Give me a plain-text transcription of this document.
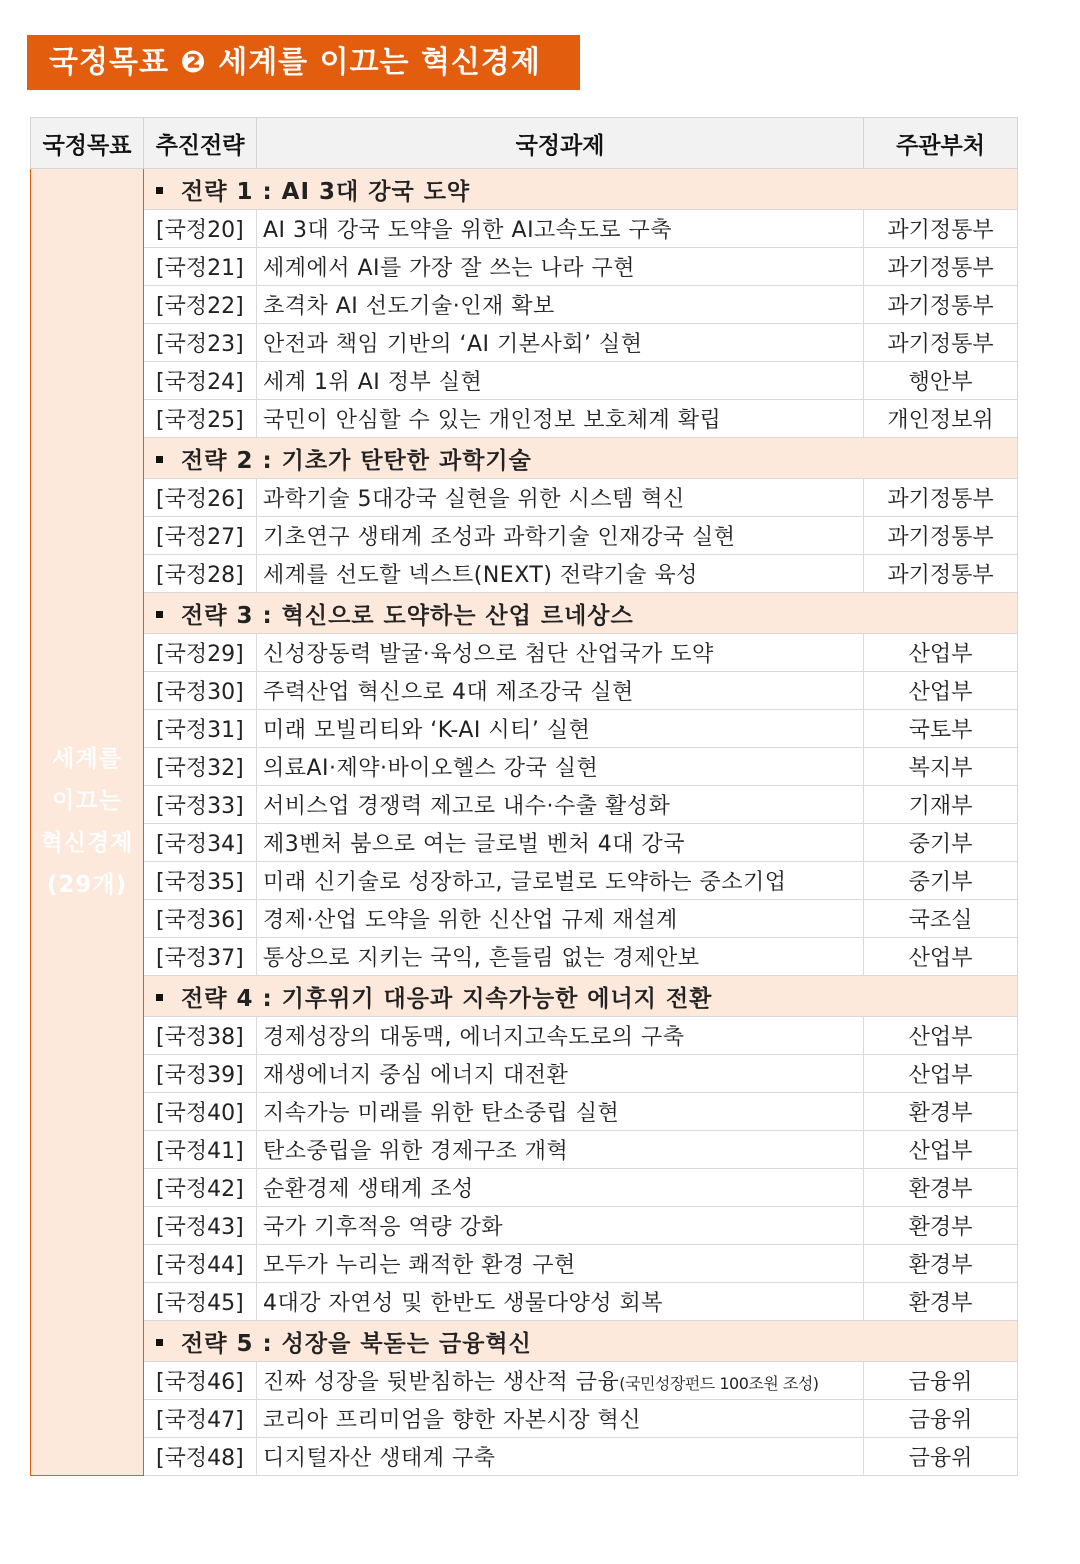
국정목표 ❷ 세계를 이끄는 혁신경제
국정목표	추진전략	국정과제	주관부처

세계를
이끄는
혁신경제
(29개)	전략 1 : AI 3대 강국 도약		
	[국정20]	AI 3대 강국 도약을 위한 AI고속도로 구축	과기정통부
	[국정21]	세계에서 AI를 가장 잘 쓰는 나라 구현	과기정통부
	[국정22]	초격차 AI 선도기술·인재 확보	과기정통부
	[국정23]	안전과 책임 기반의 ‘AI 기본사회’ 실현	과기정통부
	[국정24]	세계 1위 AI 정부 실현	행안부
	[국정25]	국민이 안심할 수 있는 개인정보 보호체계 확립	개인정보위
	전략 2 : 기초가 탄탄한 과학기술		
	[국정26]	과학기술 5대강국 실현을 위한 시스템 혁신	과기정통부
	[국정27]	기초연구 생태계 조성과 과학기술 인재강국 실현	과기정통부
	[국정28]	세계를 선도할 넥스트(NEXT) 전략기술 육성	과기정통부
	전략 3 : 혁신으로 도약하는 산업 르네상스		
	[국정29]	신성장동력 발굴·육성으로 첨단 산업국가 도약	산업부
	[국정30]	주력산업 혁신으로 4대 제조강국 실현	산업부
	[국정31]	미래 모빌리티와 ‘K-AI 시티’ 실현	국토부
	[국정32]	의료AI·제약·바이오헬스 강국 실현	복지부
	[국정33]	서비스업 경쟁력 제고로 내수·수출 활성화	기재부
	[국정34]	제3벤처 붐으로 여는 글로벌 벤처 4대 강국	중기부
	[국정35]	미래 신기술로 성장하고, 글로벌로 도약하는 중소기업	중기부
	[국정36]	경제·산업 도약을 위한 신산업 규제 재설계	국조실
	[국정37]	통상으로 지키는 국익, 흔들림 없는 경제안보	산업부
	전략 4 : 기후위기 대응과 지속가능한 에너지 전환		
	[국정38]	경제성장의 대동맥, 에너지고속도로의 구축	산업부
	[국정39]	재생에너지 중심 에너지 대전환	산업부
	[국정40]	지속가능 미래를 위한 탄소중립 실현	환경부
	[국정41]	탄소중립을 위한 경제구조 개혁	산업부
	[국정42]	순환경제 생태계 조성	환경부
	[국정43]	국가 기후적응 역량 강화	환경부
	[국정44]	모두가 누리는 쾌적한 환경 구현	환경부
	[국정45]	4대강 자연성 및 한반도 생물다양성 회복	환경부
	전략 5 : 성장을 북돋는 금융혁신		
	[국정46]	진짜 성장을 뒷받침하는 생산적 금융(국민성장펀드 100조원 조성)	금융위
	[국정47]	코리아 프리미엄을 향한 자본시장 혁신	금융위
	[국정48]	디지털자산 생태계 구축	금융위
